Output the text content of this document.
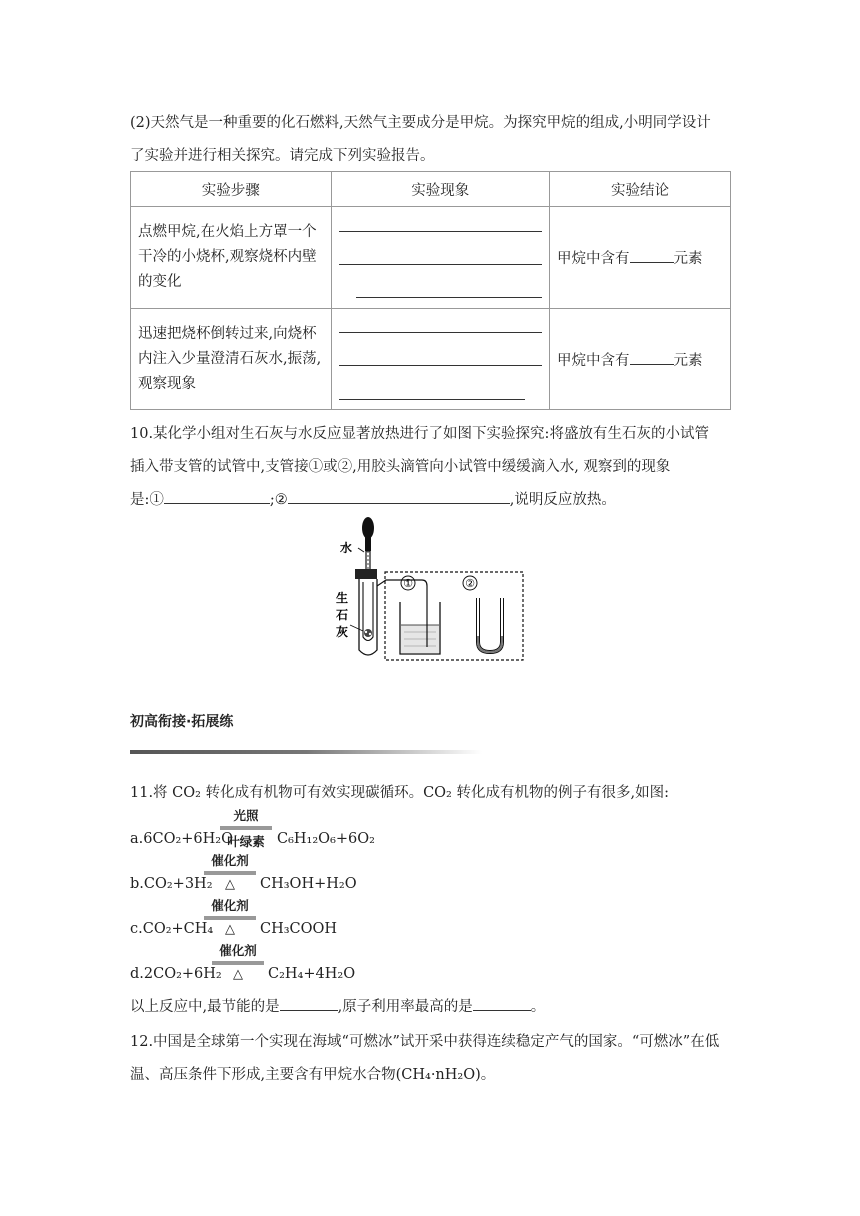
(2)天然气是一种重要的化石燃料,天然气主要成分是甲烷。为探究甲烷的组成,小明同学设计
了实验并进行相关探究。请完成下列实验报告。
实验步骤	实验现象	实验结论
点燃甲烷,在火焰上方罩一个干冷的小烧杯,观察烧杯内壁的变化		甲烷中含有 元素
迅速把烧杯倒转过来,向烧杯内注入少量澄清石灰水,振荡,观察现象		甲烷中含有 元素
10.某化学小组对生石灰与水反应显著放热进行了如图下实验探究:将盛放有生石灰的小试管
插入带支管的试管中,支管接①或②,用胶头滴管向小试管中缓缓滴入水, 观察到的现象
是:①	;②	,说明反应放热。
水
生
石
灰
①	②
初高衔接·拓展练
11.将 CO₂ 转化成有机物可有效实现碳循环。CO₂ 转化成有机物的例子有很多,如图:
a.6CO₂+6H₂O
光照
叶绿素 C₆H₁₂O₆+6O₂
b.CO₂+3H₂
催化剂
△	CH₃OH+H₂O
c.CO₂+CH₄
催化剂
△	CH₃COOH
d.2CO₂+6H₂
催化剂
△	C₂H₄+4H₂O
以上反应中,最节能的是	,原子利用率最高的是	。
12.中国是全球第一个实现在海域“可燃冰”试开采中获得连续稳定产气的国家。“可燃冰”在低
温、高压条件下形成,主要含有甲烷水合物(CH₄·nH₂O)。
